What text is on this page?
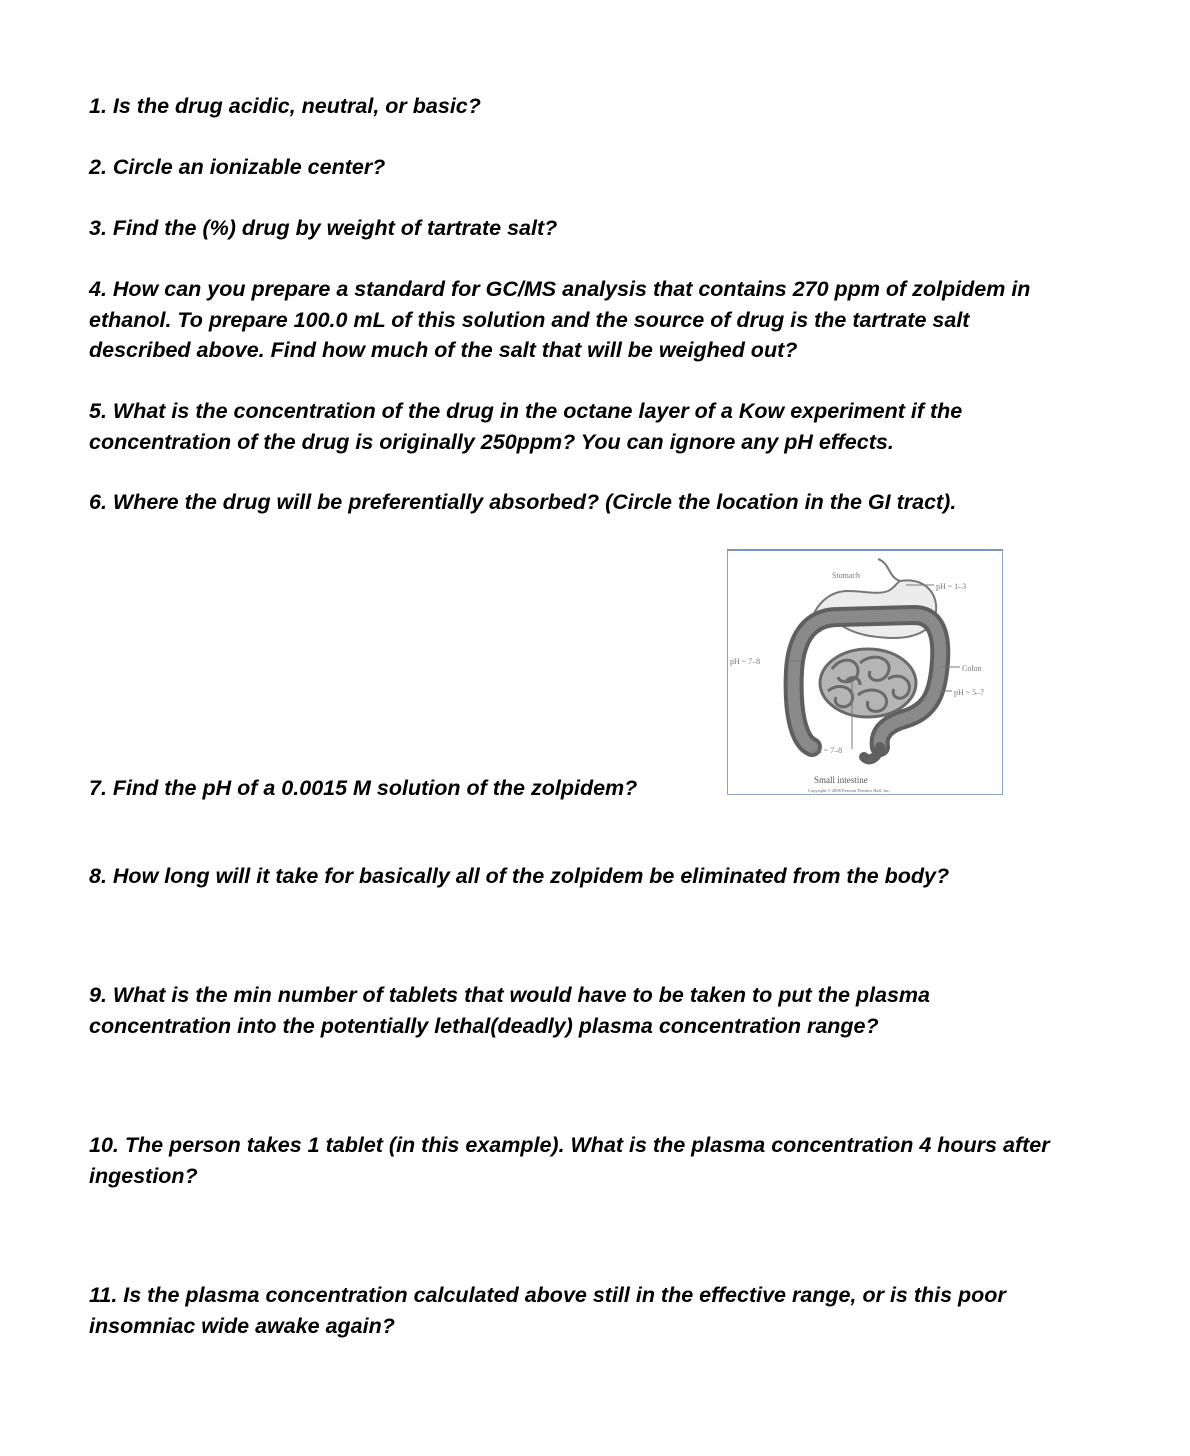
1. Is the drug acidic, neutral, or basic?

2. Circle an ionizable center?

3. Find the (%) drug by weight of tartrate salt?

4. How can you prepare a standard for GC/MS analysis that contains 270 ppm of zolpidem in ethanol. To prepare 100.0 mL of this solution and the source of drug is the tartrate salt described above. Find how much of the salt that will be weighed out?

5. What is the concentration of the drug in the octane layer of a Kow experiment if the concentration of the drug is originally 250ppm? You can ignore any pH effects.

6. Where the drug will be preferentially absorbed? (Circle the location in the GI tract).

7. Find the pH of a 0.0015 M solution of the zolpidem?

8. How long will it take for basically all of the zolpidem be eliminated from the body?

9. What is the min number of tablets that would have to be taken to put the plasma concentration into the potentially lethal(deadly) plasma concentration range?

10. The person takes 1 tablet (in this example). What is the plasma concentration 4 hours after ingestion?

11. Is the plasma concentration calculated above still in the effective range, or is this poor insomniac wide awake again?

Stomach
pH ~ 1–3
Colon
pH ~ 5–7
pH ~ 7–8
pH ~ 7–8
Small intestine
Copyright © 2006 Pearson Prentice Hall, Inc.
